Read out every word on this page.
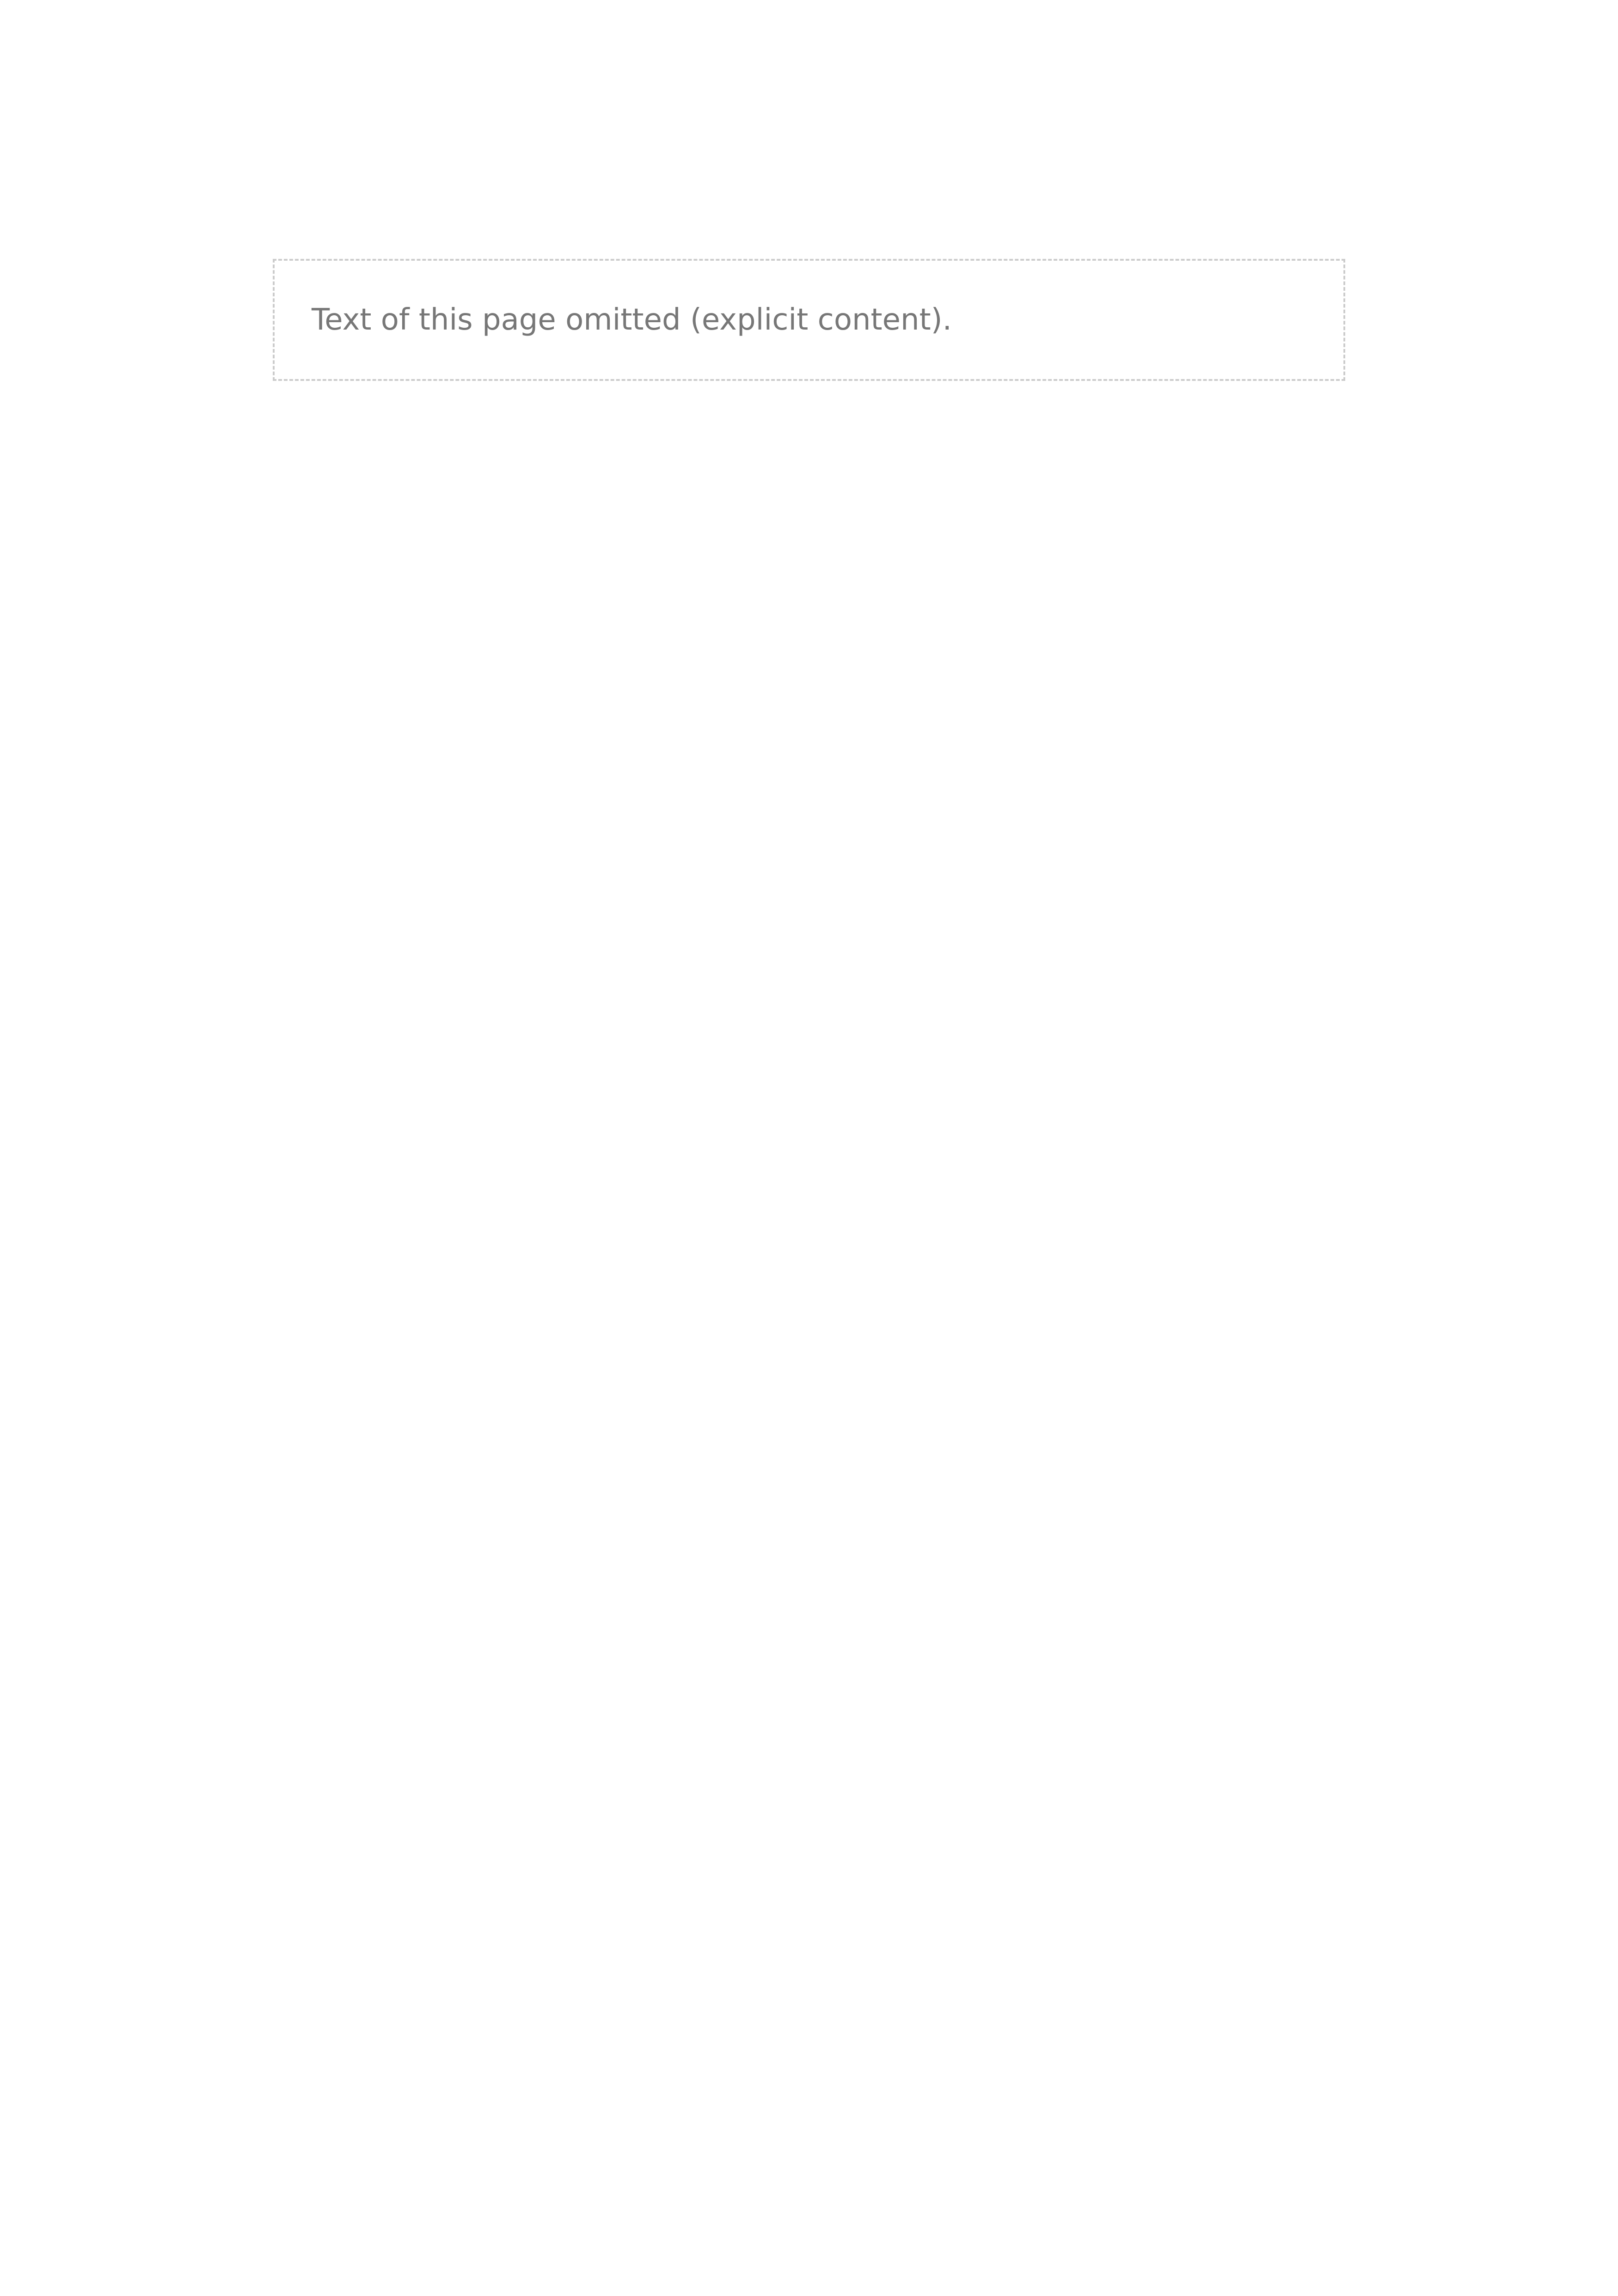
Text of this page omitted (explicit content).
